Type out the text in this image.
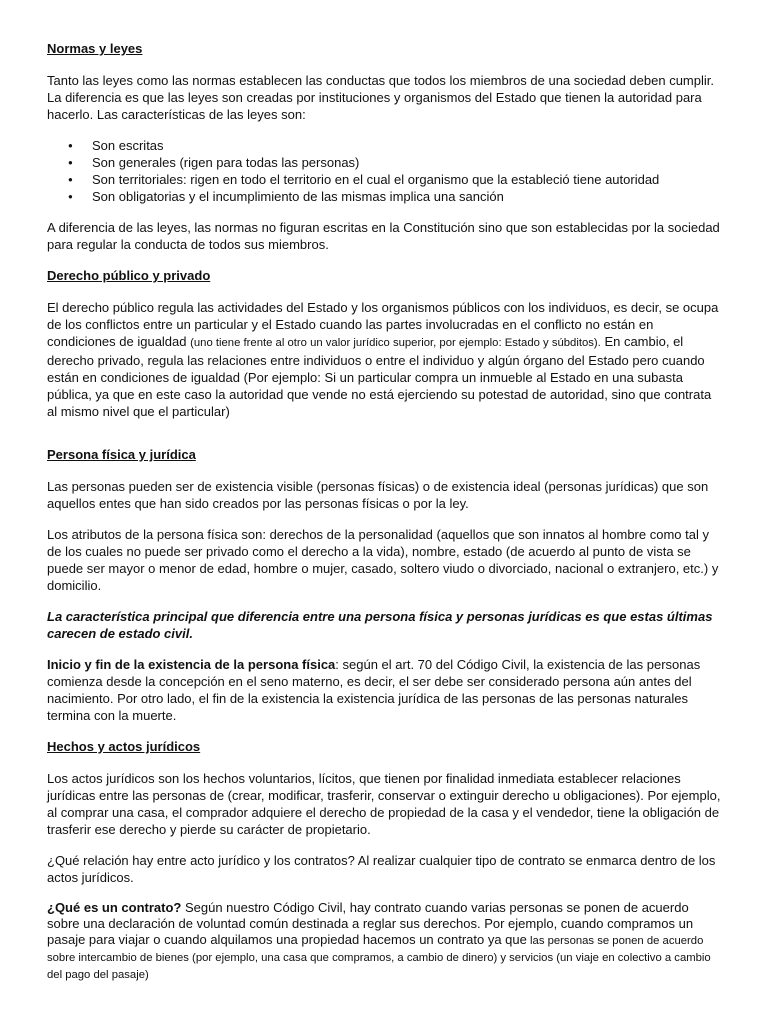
Normas y leyes

Tanto las leyes como las normas establecen las conductas que todos los miembros de una sociedad deben cumplir. La diferencia es que las leyes son creadas por instituciones y organismos del Estado que tienen la autoridad para hacerlo. Las características de las leyes son:

● Son escritas
● Son generales (rigen para todas las personas)
● Son territoriales: rigen en todo el territorio en el cual el organismo que la estableció tiene autoridad
● Son obligatorias y el incumplimiento de las mismas implica una sanción

A diferencia de las leyes, las normas no figuran escritas en la Constitución sino que son establecidas por la sociedad para regular la conducta de todos sus miembros.

Derecho público y privado

El derecho público regula las actividades del Estado y los organismos públicos con los individuos, es decir, se ocupa de los conflictos entre un particular y el Estado cuando las partes involucradas en el conflicto no están en condiciones de igualdad (uno tiene frente al otro un valor jurídico superior, por ejemplo: Estado y súbditos). En cambio, el derecho privado, regula las relaciones entre individuos o entre el individuo y algún órgano del Estado pero cuando están en condiciones de igualdad (Por ejemplo: Si un particular compra un inmueble al Estado en una subasta pública, ya que en este caso la autoridad que vende no está ejerciendo su potestad de autoridad, sino que contrata al mismo nivel que el particular)

Persona física y jurídica

Las personas pueden ser de existencia visible (personas físicas) o de existencia ideal (personas jurídicas) que son aquellos entes que han sido creados por las personas físicas o por la ley.

Los atributos de la persona física son: derechos de la personalidad (aquellos que son innatos al hombre como tal y de los cuales no puede ser privado como el derecho a la vida), nombre, estado (de acuerdo al punto de vista se puede ser mayor o menor de edad, hombre o mujer, casado, soltero viudo o divorciado, nacional o extranjero, etc.) y domicilio.

La característica principal que diferencia entre una persona física y personas jurídicas es que estas últimas carecen de estado civil.

Inicio y fin de la existencia de la persona física: según el art. 70 del Código Civil, la existencia de las personas comienza desde la concepción en el seno materno, es decir, el ser debe ser considerado persona aún antes del nacimiento. Por otro lado, el fin de la existencia la existencia jurídica de las personas de las personas naturales termina con la muerte.

Hechos y actos jurídicos

Los actos jurídicos son los hechos voluntarios, lícitos, que tienen por finalidad inmediata establecer relaciones jurídicas entre las personas de (crear, modificar, trasferir, conservar o extinguir derecho u obligaciones). Por ejemplo, al comprar una casa, el comprador adquiere el derecho de propiedad de la casa y el vendedor, tiene la obligación de trasferir ese derecho y pierde su carácter de propietario.

¿Qué relación hay entre acto jurídico y los contratos? Al realizar cualquier tipo de contrato se enmarca dentro de los actos jurídicos.

¿Qué es un contrato? Según nuestro Código Civil, hay contrato cuando varias personas se ponen de acuerdo sobre una declaración de voluntad común destinada a reglar sus derechos. Por ejemplo, cuando compramos un pasaje para viajar o cuando alquilamos una propiedad hacemos un contrato ya que las personas se ponen de acuerdo sobre intercambio de bienes (por ejemplo, una casa que compramos, a cambio de dinero) y servicios (un viaje en colectivo a cambio del pago del pasaje)
